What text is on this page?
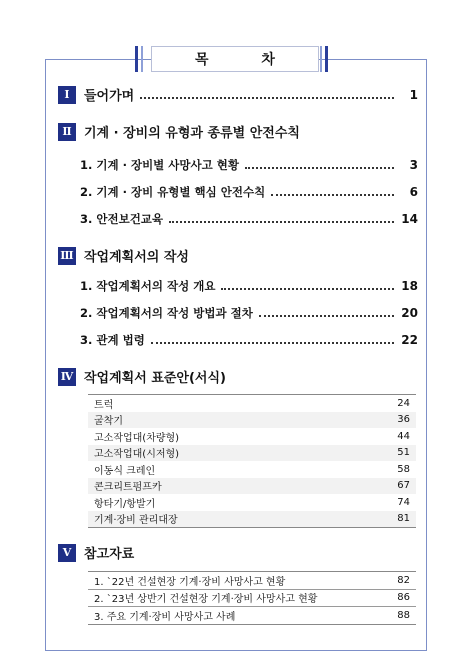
목 차
Ⅰ	들어가며	1
Ⅱ 기계 · 장비의 유형과 종류별 안전수칙
1. 기계 · 장비별 사망사고 현황	3
2. 기계 · 장비 유형별 핵심 안전수칙	6
3. 안전보건교육	14
Ⅲ 작업계획서의 작성
1. 작업계획서의 작성 개요	18
2. 작업계획서의 작성 방법과 절차	20
3. 관계 법령	22
Ⅳ 작업계획서 표준안(서식)
트럭	24
굴착기	36
고소작업대(차량형)	44
고소작업대(시저형)	51
이동식 크레인	58
콘크리트펌프카	67
항타기/항발기	74
기계·장비 관리대장	81
Ⅴ 참고자료
1. `22년 건설현장 기계·장비 사망사고 현황	82
2. `23년 상반기 건설현장 기계·장비 사망사고 현황	86
3. 주요 기계·장비 사망사고 사례	88
